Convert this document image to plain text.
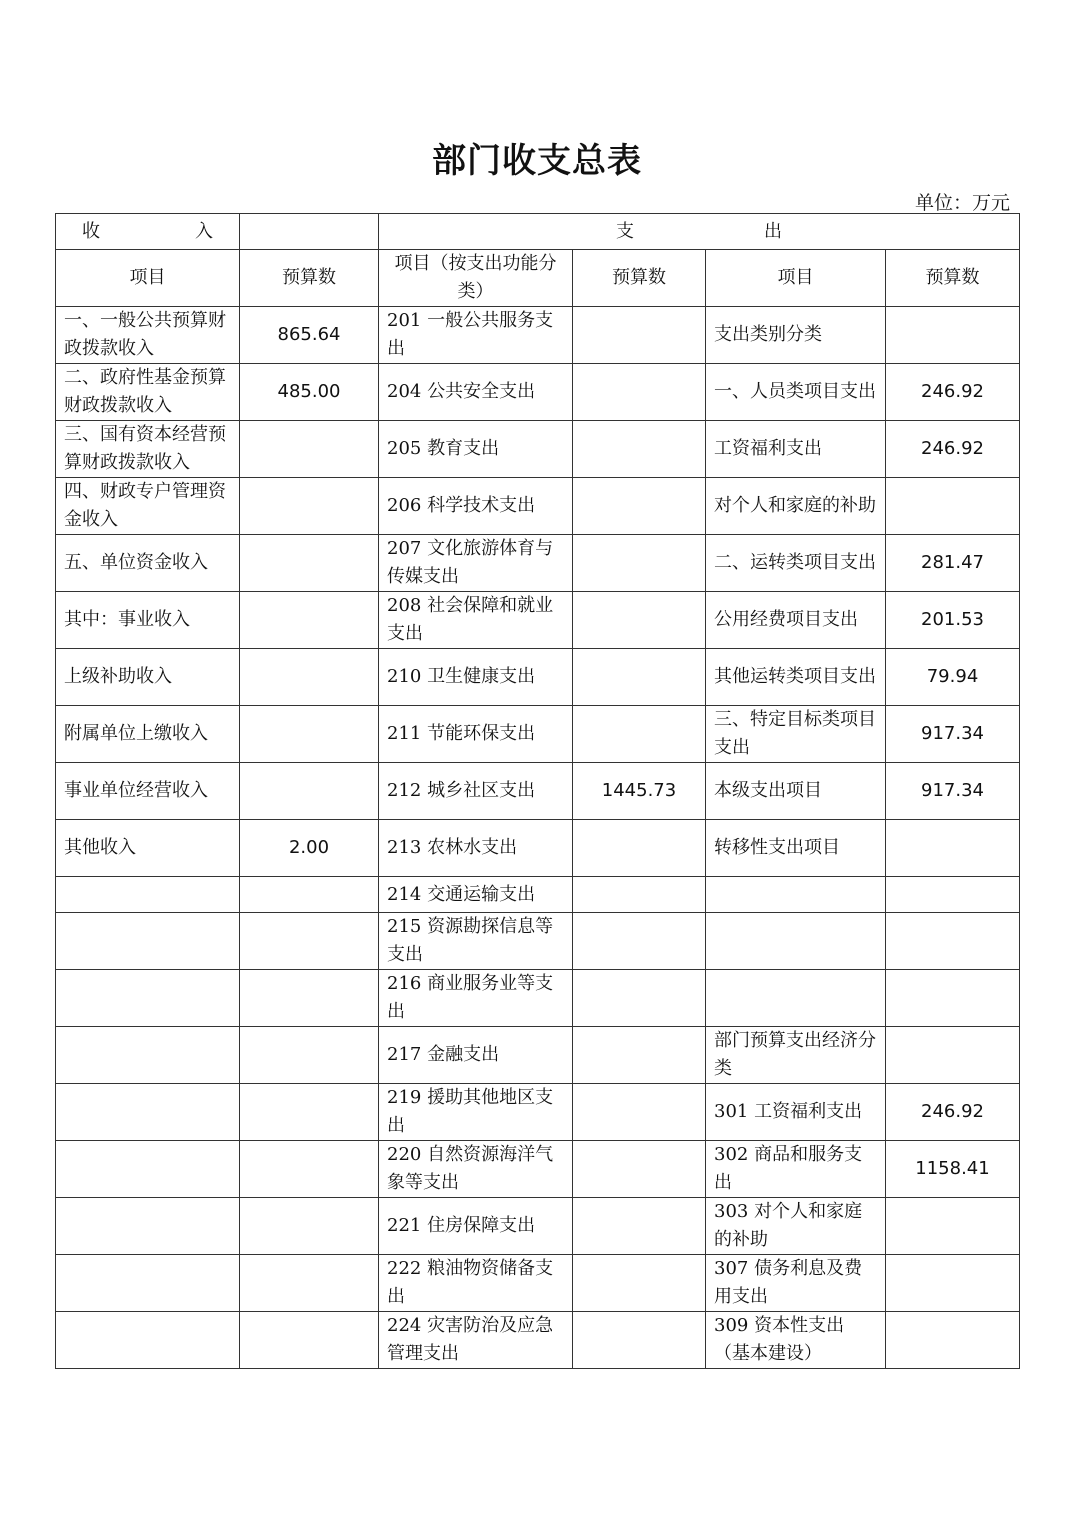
部门收支总表
单位：万元
收 入		支 出			
项目	预算数	项目（按支出功能分类）	预算数	项目	预算数
一、一般公共预算财政拨款收入	865.64	201 一般公共服务支出		支出类别分类	
二、政府性基金预算财政拨款收入	485.00	204 公共安全支出		一、人员类项目支出	246.92
三、国有资本经营预算财政拨款收入		205 教育支出		工资福利支出	246.92
四、财政专户管理资金收入		206 科学技术支出		对个人和家庭的补助	
五、单位资金收入		207 文化旅游体育与传媒支出		二、运转类项目支出	281.47
其中：事业收入		208 社会保障和就业支出		公用经费项目支出	201.53
上级补助收入		210 卫生健康支出		其他运转类项目支出	79.94
附属单位上缴收入		211 节能环保支出		三、特定目标类项目支出	917.34
事业单位经营收入		212 城乡社区支出	1445.73	本级支出项目	917.34
其他收入	2.00	213 农林水支出		转移性支出项目	
		214 交通运输支出			
		215 资源勘探信息等支出			
		216 商业服务业等支出			
		217 金融支出		部门预算支出经济分类	
		219 援助其他地区支出		301 工资福利支出	246.92
		220 自然资源海洋气象等支出		302 商品和服务支出	1158.41
		221 住房保障支出		303 对个人和家庭的补助	
		222 粮油物资储备支出		307 债务利息及费用支出	
		224 灾害防治及应急管理支出		309 资本性支出（基本建设）	
